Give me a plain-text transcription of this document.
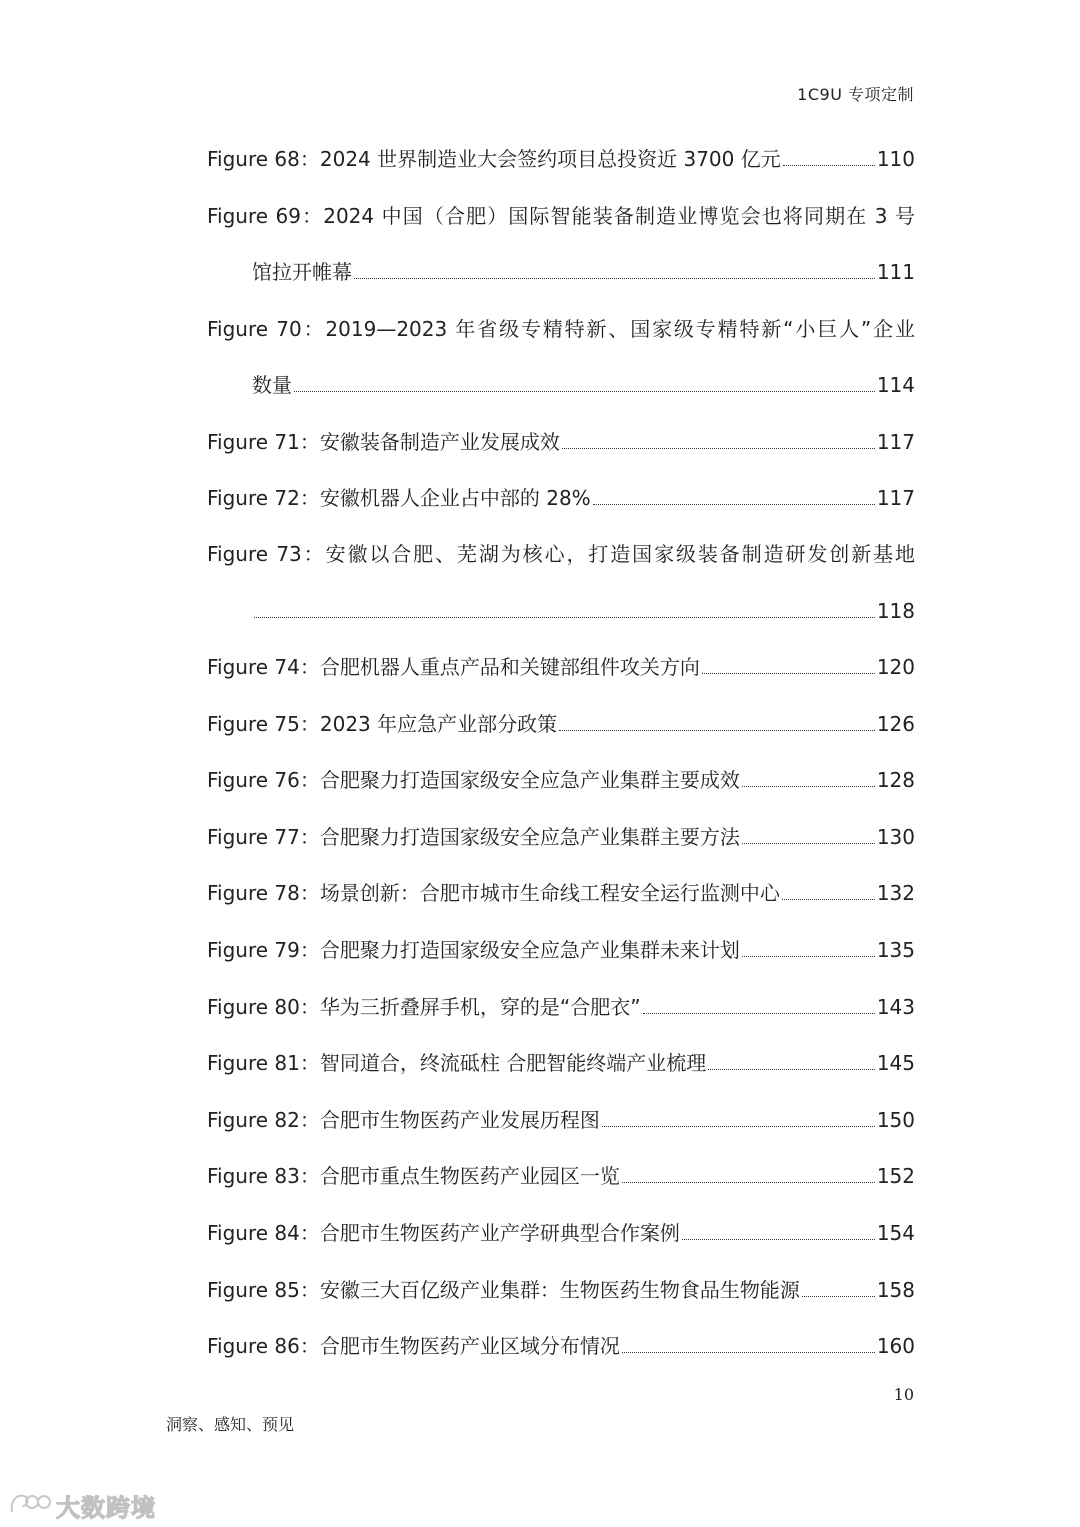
1C9U 专项定制
Figure 68：2024 世界制造业大会签约项目总投资近 3700 亿元	110
Figure 69：2024 中国（合肥）国际智能装备制造业博览会也将同期在 3 号
馆拉开帷幕	111
Figure 70：2019—2023 年省级专精特新、国家级专精特新“小巨人”企业
数量	114
Figure 71：安徽装备制造产业发展成效	117
Figure 72：安徽机器人企业占中部的 28%	117
Figure 73：安徽以合肥、芜湖为核心，打造国家级装备制造研发创新基地
118
Figure 74：合肥机器人重点产品和关键部组件攻关方向	120
Figure 75：2023 年应急产业部分政策	126
Figure 76：合肥聚力打造国家级安全应急产业集群主要成效	128
Figure 77：合肥聚力打造国家级安全应急产业集群主要方法	130
Figure 78：场景创新：合肥市城市生命线工程安全运行监测中心	132
Figure 79：合肥聚力打造国家级安全应急产业集群未来计划	135
Figure 80：华为三折叠屏手机，穿的是“合肥衣”	143
Figure 81：智同道合，终流砥柱 合肥智能终端产业梳理	145
Figure 82：合肥市生物医药产业发展历程图	150
Figure 83：合肥市重点生物医药产业园区一览	152
Figure 84：合肥市生物医药产业产学研典型合作案例	154
Figure 85：安徽三大百亿级产业集群：生物医药生物食品生物能源	158
Figure 86：合肥市生物医药产业区域分布情况	160
10
洞察、感知、预见
大数跨境
